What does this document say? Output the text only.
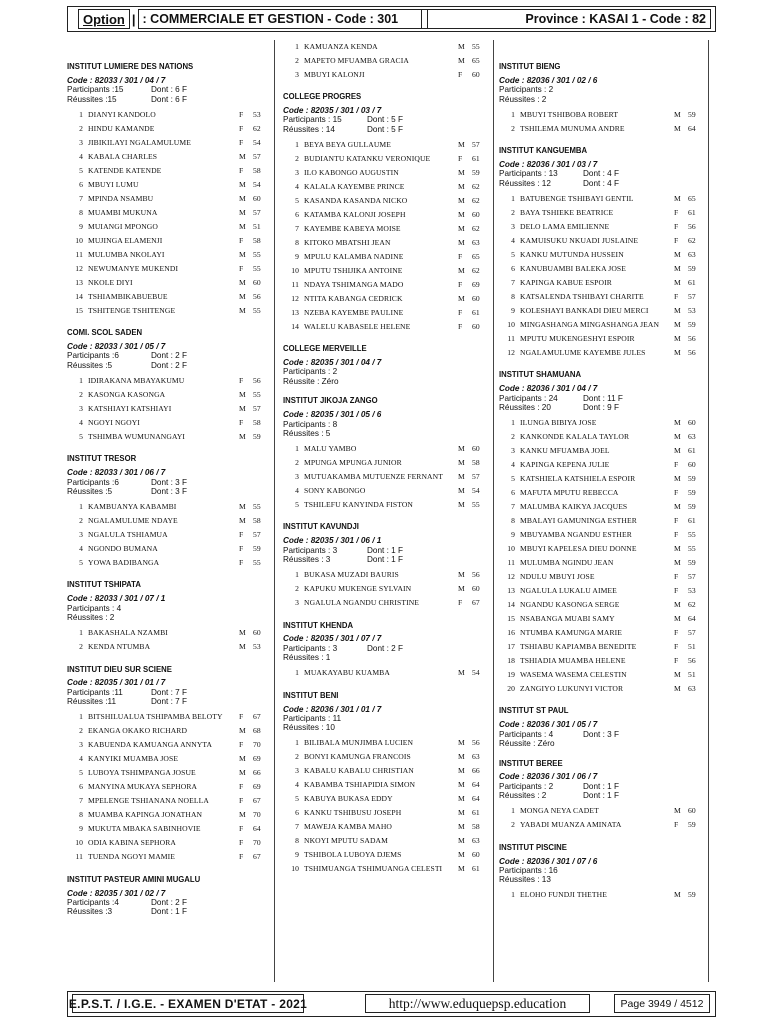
Option | : COMMERCIALE ET GESTION - Code : 301	Province : KASAI 1 - Code : 82
INSTITUT LUMIERE DES NATIONS
Code : 82033 / 301 / 04 / 7
Participants :15	Dont : 6 F
Réussites :15	Dont : 6 F
1 DIANYI KANDOLO	F	53
2 HINDU KAMANDE	F	62
3 JIBIKILAYI NGALAMULUME	F	54
4 KABALA CHARLES	M 57
5 KATENDE KATENDE	F	58
6 MBUYI LUMU	M 54
7 MPINDA NSAMBU	M 60
8 MUAMBI MUKUNA	M 57
9 MUIANGI MPONGO	M 51
10 MUJINGA ELAMENJI	F	58
11 MULUMBA NKOLAYI	M 55
12 NEWUMANYE MUKENDI	F	55
13 NKOLE DIYI	M 60
14 TSHIAMBIKABUEBUE	M 56
15 TSHITENGE TSHITENGE	M 55
COMI. SCOL SADEN
Code : 82033 / 301 / 05 / 7
Participants :6	Dont : 2 F
Réussites :5	Dont : 2 F
1 IDIRAKANA MBAYAKUMU	F	56
2 KASONGA KASONGA	M 55
3 KATSHIAYI KATSHIAYI	M 57
4 NGOYI NGOYI	F	58
5 TSHIMBA WUMUNANGAYI	M 59
INSTITUT TRESOR
Code : 82033 / 301 / 06 / 7
Participants :6	Dont : 3 F
Réussites :5	Dont : 3 F
1 KAMBUANYA KABAMBI	M 55
2 NGALAMULUME NDAYE	M 58
3 NGALULA TSHIAMUA	F	57
4 NGONDO BUMANA	F	59
5 YOWA BADIBANGA	F	55
INSTITUT TSHIPATA
Code : 82033 / 301 / 07 / 1
Participants : 4
Réussites : 2
1 BAKASHALA NZAMBI	M 60
2 KENDA NTUMBA	M 53
INSTITUT DIEU SUR SCIENE
Code : 82035 / 301 / 01 / 7
Participants :11	Dont : 7 F
Réussites :11	Dont : 7 F
1 BITSHILUALUA TSHIPAMBA BELOTY	F	67
2 EKANGA OKAKO RICHARD	M 68
3 KABUENDA KAMUANGA ANNYTA	F	70
4 KANYIKI MUAMBA JOSE	M 69
5 LUBOYA TSHIMPANGA JOSUE	M 66
6 MANYINA MUKAYA SEPHORA	F	69
7 MPELENGE TSHIANANA NOELLA	F	67
8 MUAMBA KAPINGA JONATHAN	M 70
9 MUKUTA MBAKA SABINHOVIE	F	64
10 ODIA KABINA SEPHORA	F	70
11 TUENDA NGOYI MAMIE	F	67
INSTITUT PASTEUR AMINI MUGALU
Code : 82035 / 301 / 02 / 7
Participants :4	Dont : 2 F
Réussites :3	Dont : 1 F
1 KAMUANZA KENDA	M 55
2 MAPETO MFUAMBA GRACIA	M 65
3 MBUYI KALONJI	F	60
COLLEGE PROGRES
Code : 82035 / 301 / 03 / 7
Participants : 15	Dont : 5 F
Réussites : 14	Dont : 5 F
1 BEYA BEYA GULLAUME	M 57
2 BUDIANTU KATANKU VERONIQUE	F	61
3 ILO KABONGO AUGUSTIN	M 59
4 KALALA KAYEMBE PRINCE	M 62
5 KASANDA KASANDA NICKO	M 62
6 KATAMBA KALONJI JOSEPH	M 60
7 KAYEMBE KABEYA MOISE	M 62
8 KITOKO MBATSHI JEAN	M 63
9 MPULU KALAMBA NADINE	F	65
10 MPUTU TSHIJIKA ANTOINE	M 62
11 NDAYA TSHIMANGA MADO	F	69
12 NTITA KABANGA CEDRICK	M 60
13 NZEBA KAYEMBE PAULINE	F	61
14 WALELU KABASELE HELENE	F	60
COLLEGE MERVEILLE
Code : 82035 / 301 / 04 / 7
Participants : 2
Réussite : Zéro
INSTITUT JIKOJA ZANGO
Code : 82035 / 301 / 05 / 6
Participants : 8
Réussites : 5
1 MALU YAMBO	M 60
2 MPUNGA MPUNGA JUNIOR	M 58
3 MUTUAKAMBA MUTUENZE FERNANT	M 57
4 SONY KABONGO	M 54
5 TSHILEFU KANYINDA FISTON	M 55
INSTITUT KAVUNDJI
Code : 82035 / 301 / 06 / 1
Participants : 3	Dont : 1 F
Réussites : 3	Dont : 1 F
1 BUKASA MUZADI BAURIS	M 56
2 KAPUKU MUKENGE SYLVAIN	M 60
3 NGALULA NGANDU CHRISTINE	F	67
INSTITUT KHENDA
Code : 82035 / 301 / 07 / 7
Participants : 3	Dont : 2 F
Réussites : 1
1 MUAKAYABU KUAMBA	M 54
INSTITUT BENI
Code : 82036 / 301 / 01 / 7
Participants : 11
Réussites : 10
1 BILIBALA MUNJIMBA LUCIEN	M 56
2 BONYI KAMUNGA FRANCOIS	M 63
3 KABALU KABALU CHRISTIAN	M 66
4 KABAMBA TSHIAPIDIA SIMON	M 64
5 KABUYA BUKASA EDDY	M 64
6 KANKU TSHIBUSU JOSEPH	M 61
7 MAWEJA KAMBA MAHO	M 58
8 NKOYI MPUTU SADAM	M 63
9 TSHIBOLA LUBOYA DJEMS	M 60
10 TSHIMUANGA TSHIMUANGA CELESTI	M 61
INSTITUT BIENG
Code : 82036 / 301 / 02 / 6
Participants : 2
Réussites : 2
1 MBUYI TSHIBOBA ROBERT	M 59
2 TSHILEMA MUNUMA ANDRE	M 64
INSTITUT KANGUEMBA
Code : 82036 / 301 / 03 / 7
Participants : 13	Dont : 4 F
Réussites : 12	Dont : 4 F
1 BATUBENGE TSHIBAYI GENTIL	M 65
2 BAYA TSHIEKE BEATRICE	F	61
3 DELO LAMA EMILIENNE	F	56
4 KAMUISUKU NKUADI JUSLAINE	F	62
5 KANKU MUTUNDA HUSSEIN	M 63
6 KANUBUAMBI BALEKA JOSE	M 59
7 KAPINGA KABUE ESPOIR	M 61
8 KATSALENDA TSHIBAYI CHARITE	F	57
9 KOLESHAYI BANKADI DIEU MERCI	M 53
10 MINGASHANGA MINGASHANGA JEAN	M 59
11 MPUTU MUKENGESHYI ESPOIR	M 56
12 NGALAMULUME KAYEMBE JULES	M 56
INSTITUT SHAMUANA
Code : 82036 / 301 / 04 / 7
Participants : 24	Dont : 11 F
Réussites : 20	Dont : 9 F
1 ILUNGA BIBIYA JOSE	M 60
2 KANKONDE KALALA TAYLOR	M 63
3 KANKU MFUAMBA JOEL	M 61
4 KAPINGA KEPENA JULIE	F	60
5 KATSHIELA KATSHIELA ESPOIR	M 59
6 MAFUTA MPUTU REBECCA	F	59
7 MALUMBA KAIKYA JACQUES	M 59
8 MBALAYI GAMUNINGA ESTHER	F	61
9 MBUYAMBA NGANDU ESTHER	F	55
10 MBUYI KAPELESA DIEU DONNE	M 55
11 MULUMBA NGINDU JEAN	M 59
12 NDULU MBUYI JOSE	F	57
13 NGALULA LUKALU AIMEE	F	53
14 NGANDU KASONGA SERGE	M 62
15 NSABANGA MUABI SAMY	M 64
16 NTUMBA KAMUNGA MARIE	F	57
17 TSHIABU KAPIAMBA BENEDITE	F	51
18 TSHIADIA MUAMBA HELENE	F	56
19 WASEMA WASEMA CELESTIN	M 51
20 ZANGIYO LUKUNYI VICTOR	M 63
INSTITUT ST PAUL
Code : 82036 / 301 / 05 / 7
Participants : 4	Dont : 3 F
Réussite : Zéro
INSTITUT BEREE
Code : 82036 / 301 / 06 / 7
Participants : 2	Dont : 1 F
Réussites : 2	Dont : 1 F
1 MONGA NEYA CADET	M 60
2 YABADI MUANZA AMINATA	F	59
INSTITUT PISCINE
Code : 82036 / 301 / 07 / 6
Participants : 16
Réussites : 13
1 ELOHO FUNDJI THETHE	M 59
E.P.S.T. / I.G.E. - EXAMEN D'ETAT - 2021	http://www.eduquepsp.education	Page 3949 / 4512
